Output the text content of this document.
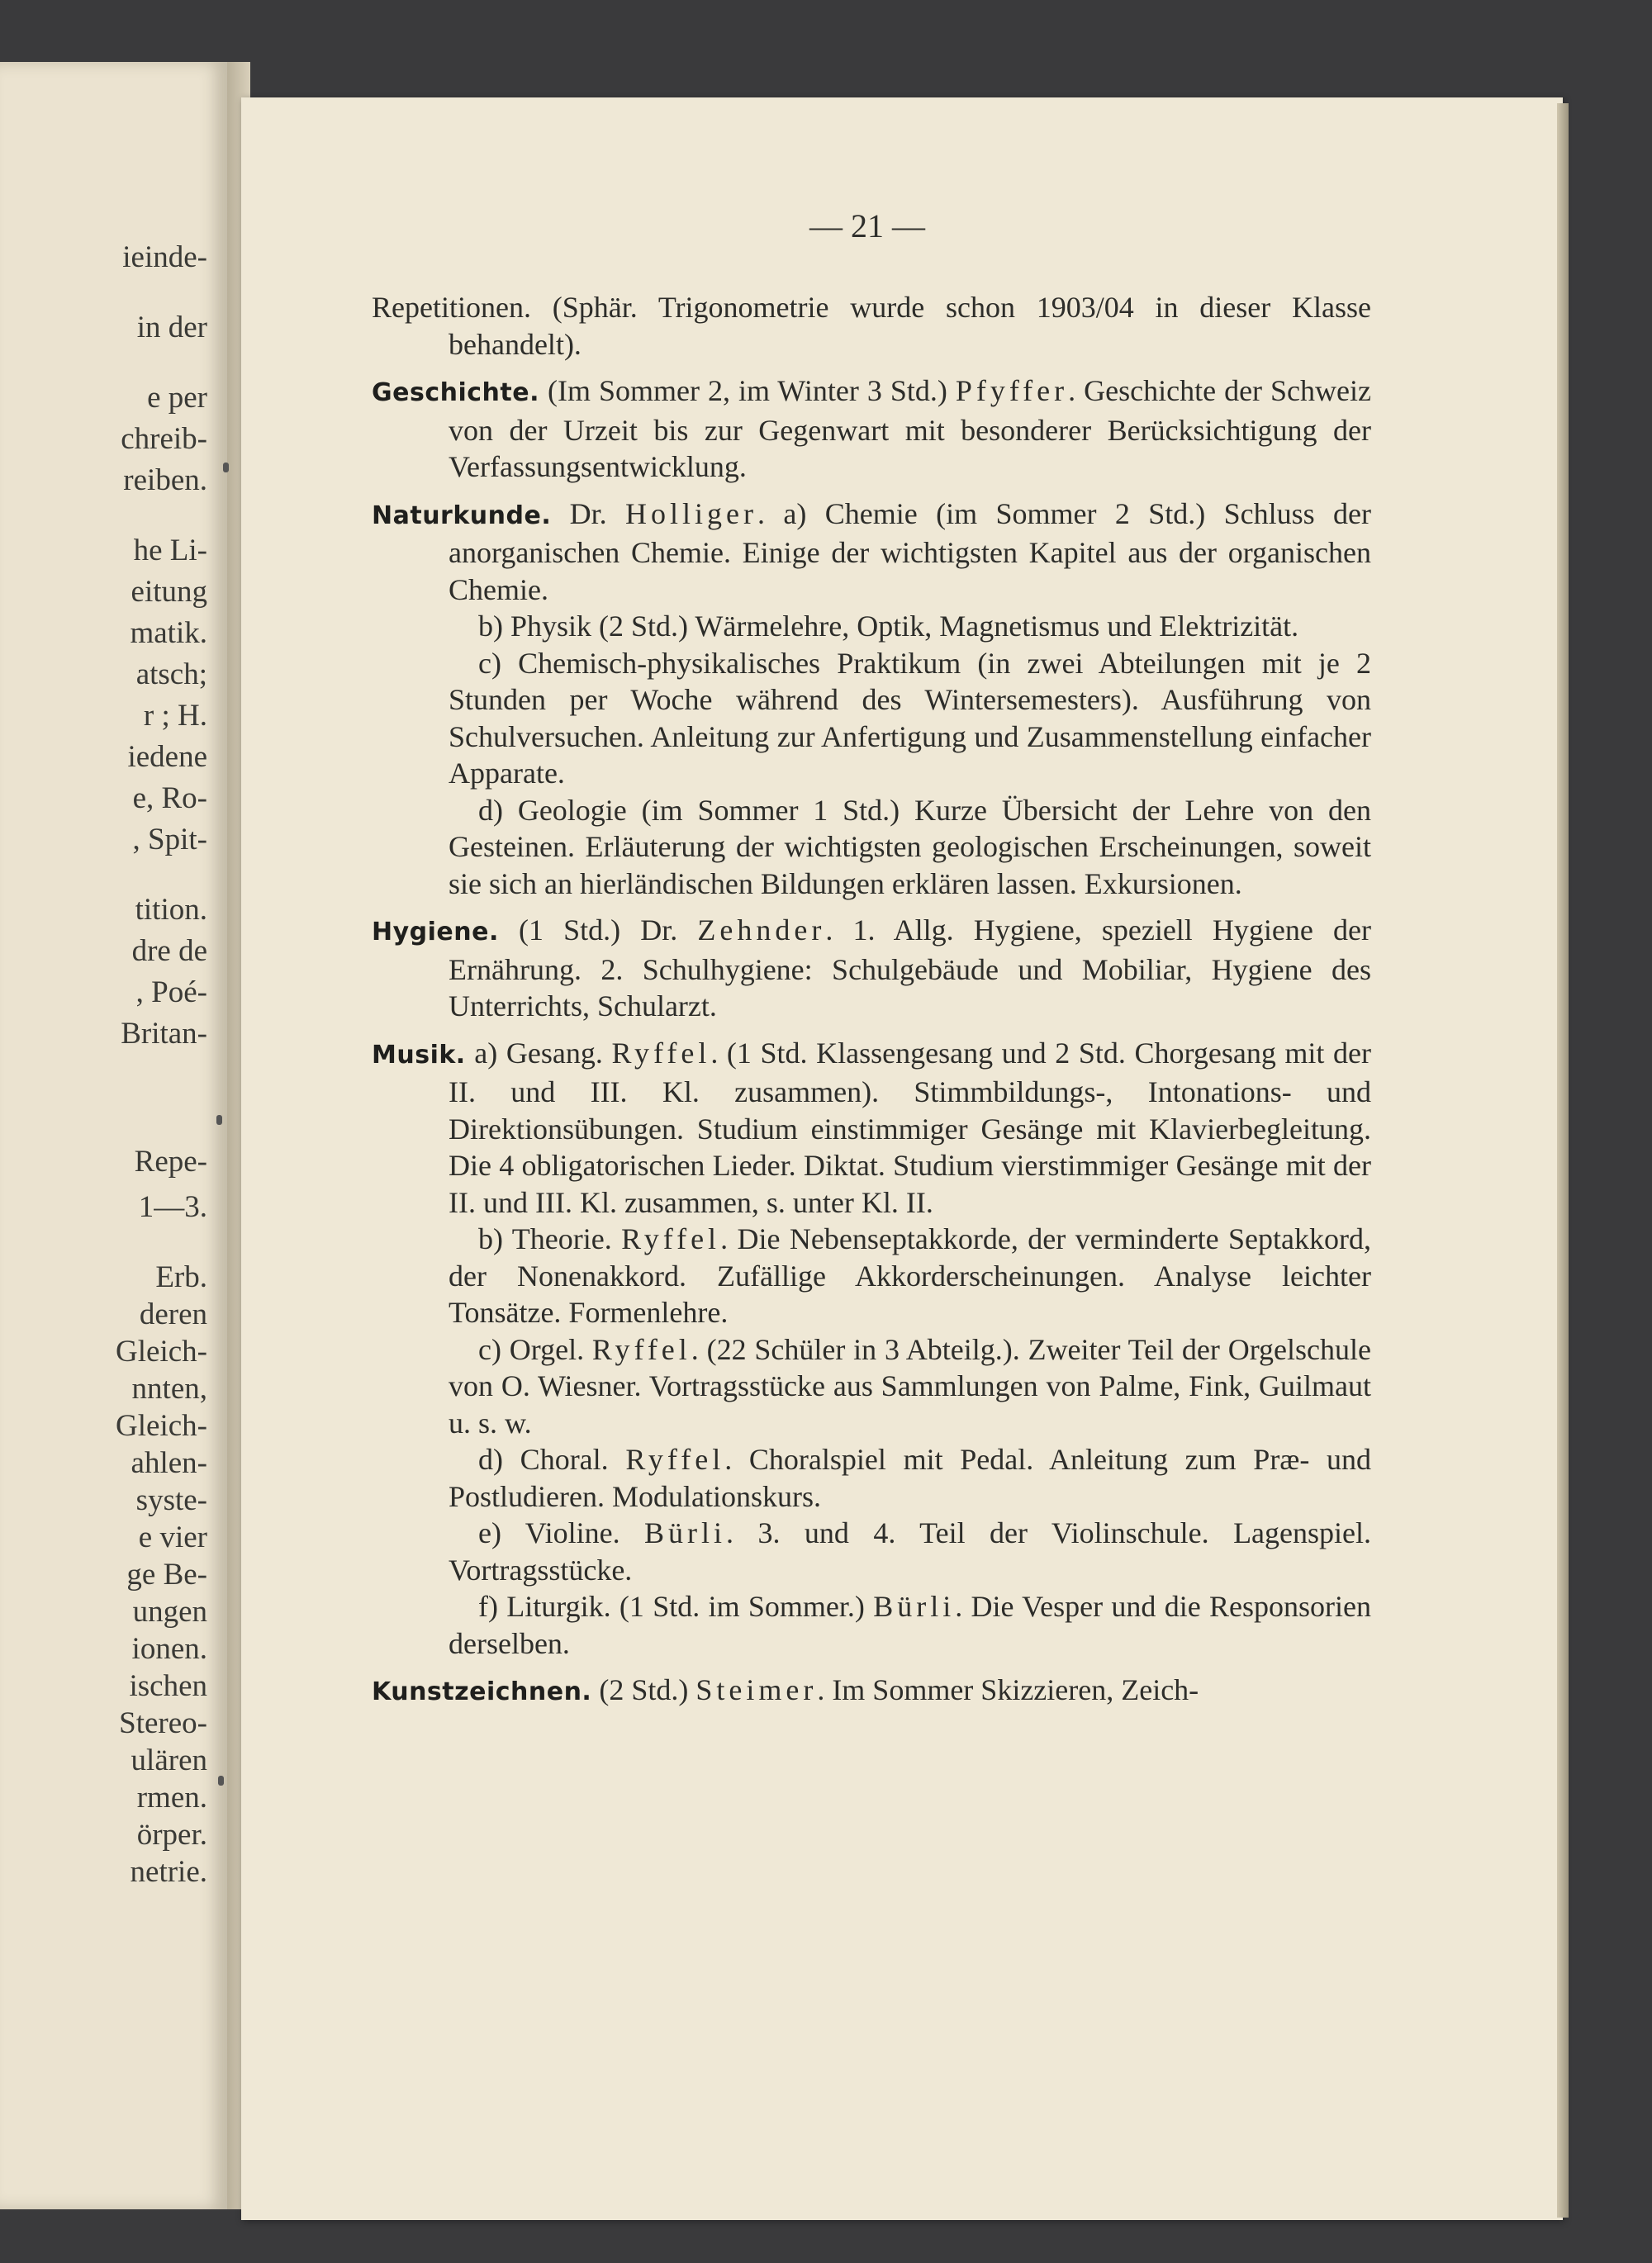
ieinde-
in der
e per
chreib-
reiben.
he Li-
eitung
matik.
atsch;
r ; H.
iedene
e, Ro-
, Spit-
tition.
dre de
, Poé-
Britan-
Repe-
1—3.
Erb.
deren
Gleich-
nnten,
Gleich-
ahlen-
syste-
e vier
ge Be-
ungen
ionen.
ischen
Stereo-
ulären
rmen.
örper.
netrie.
— 21 —

Repetitionen. (Sphär. Trigonometrie wurde schon 1903/04 in dieser Klasse behandelt).

Geschichte. (Im Sommer 2, im Winter 3 Std.) Pfyffer. Geschichte der Schweiz von der Urzeit bis zur Gegenwart mit besonderer Berücksichtigung der Verfassungsentwicklung.

Naturkunde. Dr. Holliger. a) Chemie (im Sommer 2 Std.) Schluss der anorganischen Chemie. Einige der wichtigsten Kapitel aus der organischen Chemie.

b) Physik (2 Std.) Wärmelehre, Optik, Magnetismus und Elektrizität.

c) Chemisch-physikalisches Praktikum (in zwei Abteilungen mit je 2 Stunden per Woche während des Wintersemesters). Ausführung von Schulversuchen. Anleitung zur Anfertigung und Zusammenstellung einfacher Apparate.

d) Geologie (im Sommer 1 Std.) Kurze Übersicht der Lehre von den Gesteinen. Erläuterung der wichtigsten geologischen Erscheinungen, soweit sie sich an hierländischen Bildungen erklären lassen. Exkursionen.

Hygiene. (1 Std.) Dr. Zehnder. 1. Allg. Hygiene, speziell Hygiene der Ernährung. 2. Schulhygiene: Schulgebäude und Mobiliar, Hygiene des Unterrichts, Schularzt.

Musik. a) Gesang. Ryffel. (1 Std. Klassengesang und 2 Std. Chorgesang mit der II. und III. Kl. zusammen). Stimmbildungs-, Intonations- und Direktionsübungen. Studium einstimmiger Gesänge mit Klavierbegleitung. Die 4 obligatorischen Lieder. Diktat. Studium vierstimmiger Gesänge mit der II. und III. Kl. zusammen, s. unter Kl. II.

b) Theorie. Ryffel. Die Nebenseptakkorde, der verminderte Septakkord, der Nonenakkord. Zufällige Akkorderscheinungen. Analyse leichter Tonsätze. Formenlehre.

c) Orgel. Ryffel. (22 Schüler in 3 Abteilg.). Zweiter Teil der Orgelschule von O. Wiesner. Vortragsstücke aus Sammlungen von Palme, Fink, Guilmaut u. s. w.

d) Choral. Ryffel. Choralspiel mit Pedal. Anleitung zum Præ- und Postludieren. Modulationskurs.

e) Violine. Bürli. 3. und 4. Teil der Violinschule. Lagenspiel. Vortragsstücke.

f) Liturgik. (1 Std. im Sommer.) Bürli. Die Vesper und die Responsorien derselben.

Kunstzeichnen. (2 Std.) Steimer. Im Sommer Skizzieren, Zeich-
